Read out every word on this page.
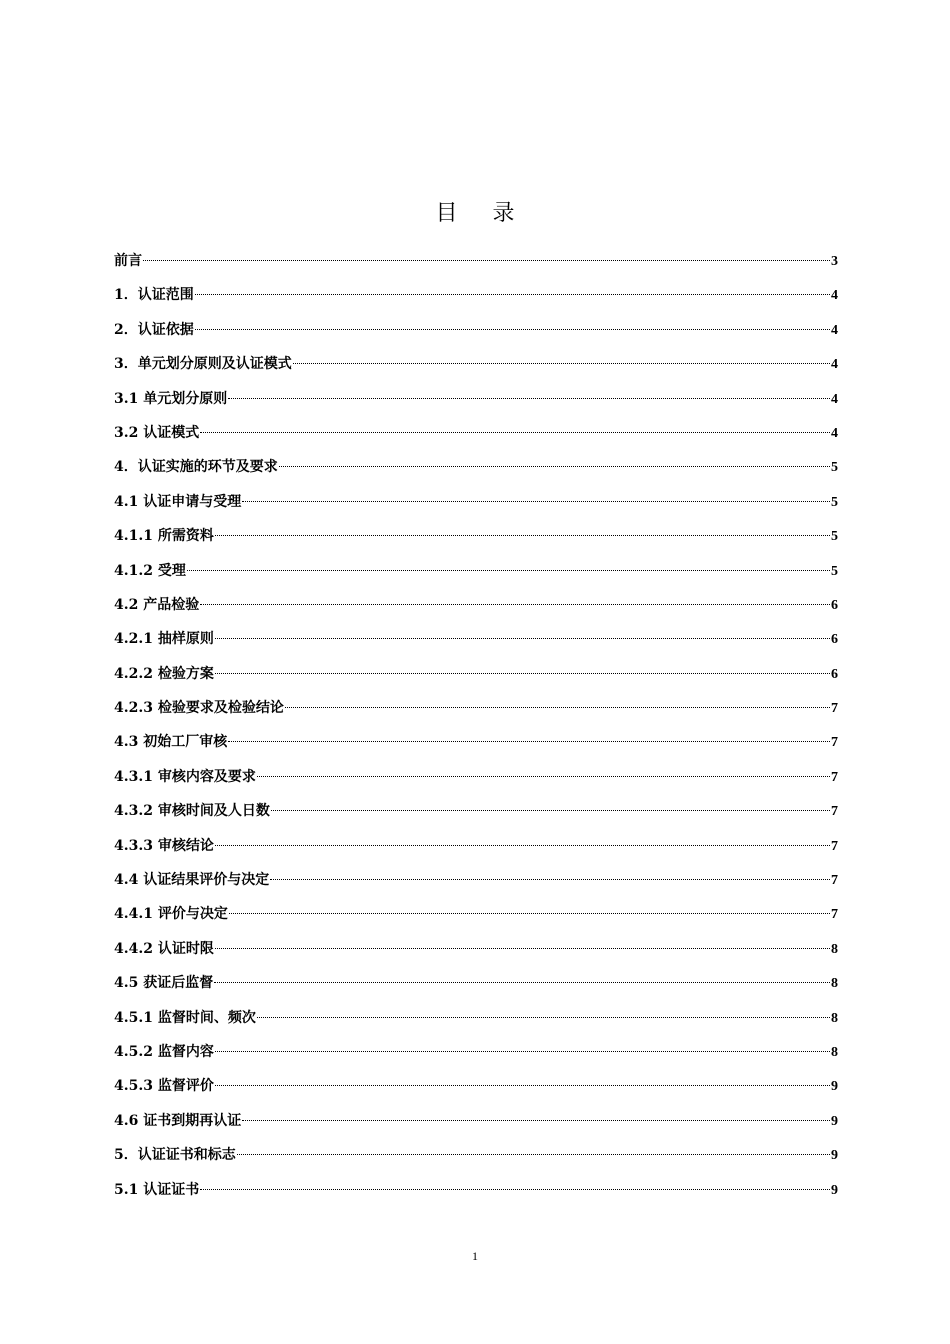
目 录
前言	3
1．认证范围	4
2．认证依据	4
3．单元划分原则及认证模式	4
3.1 单元划分原则	4
3.2 认证模式	4
4．认证实施的环节及要求	5
4.1 认证申请与受理	5
4.1.1 所需资料	5
4.1.2 受理	5
4.2 产品检验	6
4.2.1 抽样原则	6
4.2.2 检验方案	6
4.2.3 检验要求及检验结论	7
4.3 初始工厂审核	7
4.3.1 审核内容及要求	7
4.3.2 审核时间及人日数	7
4.3.3 审核结论	7
4.4 认证结果评价与决定	7
4.4.1 评价与决定	7
4.4.2 认证时限	8
4.5 获证后监督	8
4.5.1 监督时间、频次	8
4.5.2 监督内容	8
4.5.3 监督评价	9
4.6 证书到期再认证	9
5．认证证书和标志	9
5.1 认证证书	9
1
